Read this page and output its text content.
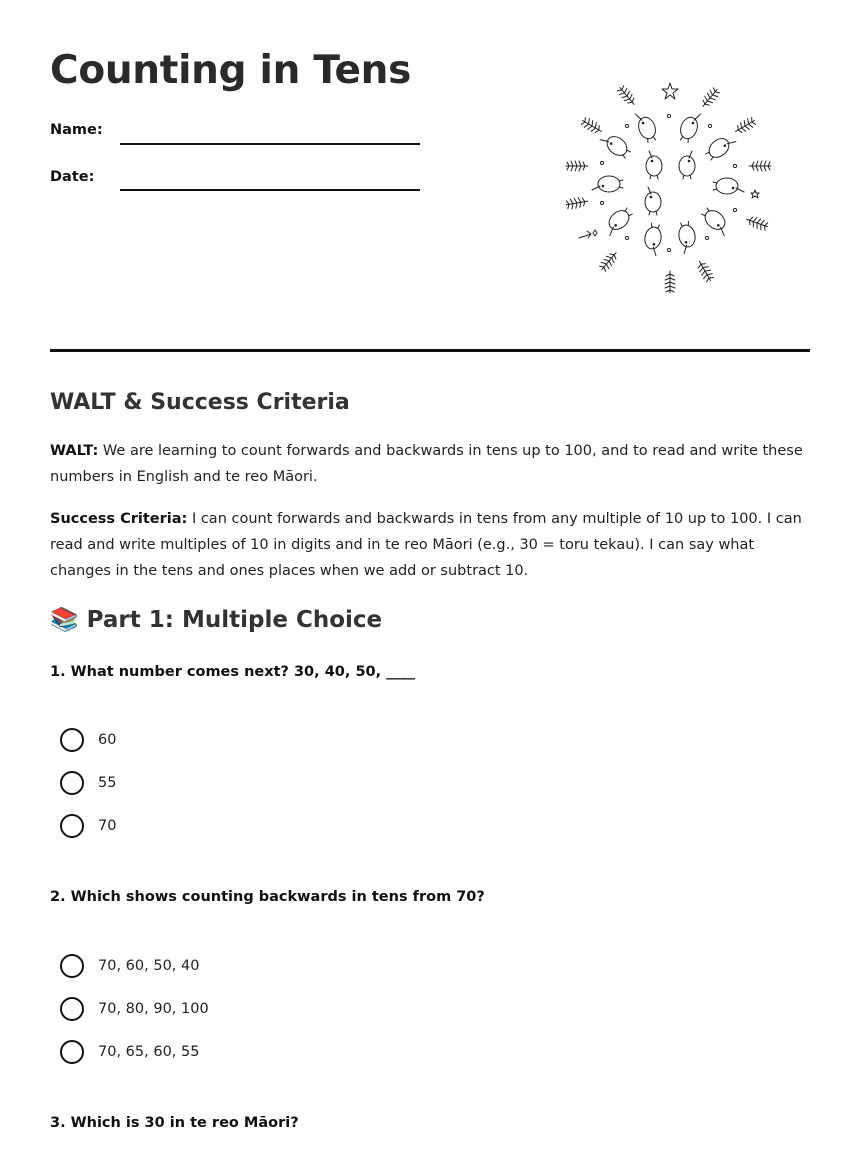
Counting in Tens
Name:
Date:
WALT & Success Criteria

WALT: We are learning to count forwards and backwards in tens up to 100, and to read and write these numbers in English and te reo Māori.

Success Criteria: I can count forwards and backwards in tens from any multiple of 10 up to 100. I can read and write multiples of 10 in digits and in te reo Māori (e.g., 30 = toru tekau). I can say what changes in the tens and ones places when we add or subtract 10.

📚 Part 1: Multiple Choice

1. What number comes next? 30, 40, 50, ____

60
55
70

2. Which shows counting backwards in tens from 70?

70, 60, 50, 40
70, 80, 90, 100
70, 65, 60, 55

3. Which is 30 in te reo Māori?
